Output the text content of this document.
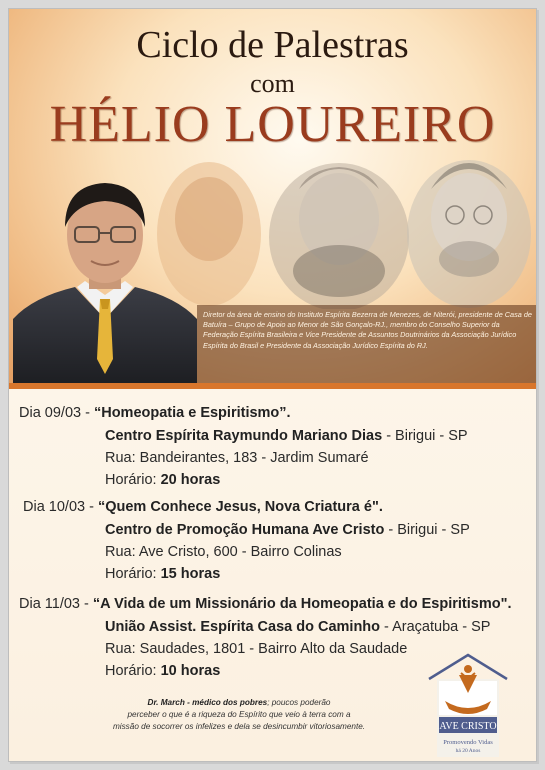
Ciclo de Palestras
com
HÉLIO LOUREIRO
Diretor da área de ensino do Instituto Espírita Bezerra de Menezes, de Niterói, presidente de Casa de Batuíra – Grupo de Apoio ao Menor de São Gonçalo-RJ., membro do Conselho Superior da Federação Espírita Brasileira e Vice Presidente de Assuntos Doutrinários da Associação Jurídico Espírita do Brasil e Presidente da Associação Jurídico Espírita do RJ.
Dia 09/03 - “Homeopatia e Espiritismo”.
Centro Espírita Raymundo Mariano Dias - Birigui - SP
Rua: Bandeirantes, 183 - Jardim Sumaré
Horário: 20 horas
Dia 10/03 - “Quem Conhece Jesus, Nova Criatura é".
Centro de Promoção Humana Ave Cristo - Birigui - SP
Rua: Ave Cristo, 600 - Bairro Colinas
Horário: 15 horas
Dia 11/03 - “A Vida de um Missionário da Homeopatia e do Espiritismo".
União Assist. Espírita Casa do Caminho - Araçatuba - SP
Rua: Saudades, 1801 - Bairro Alto da Saudade
Horário: 10 horas
Dr. March - médico dos pobres; poucos poderão
perceber o que é a riqueza do Espírito que veio à terra com a
missão de socorrer os infelizes e dela se desincumbir vitoriosamente.	AVE CRISTO
Promovendo Vidas
há 20 Anos
